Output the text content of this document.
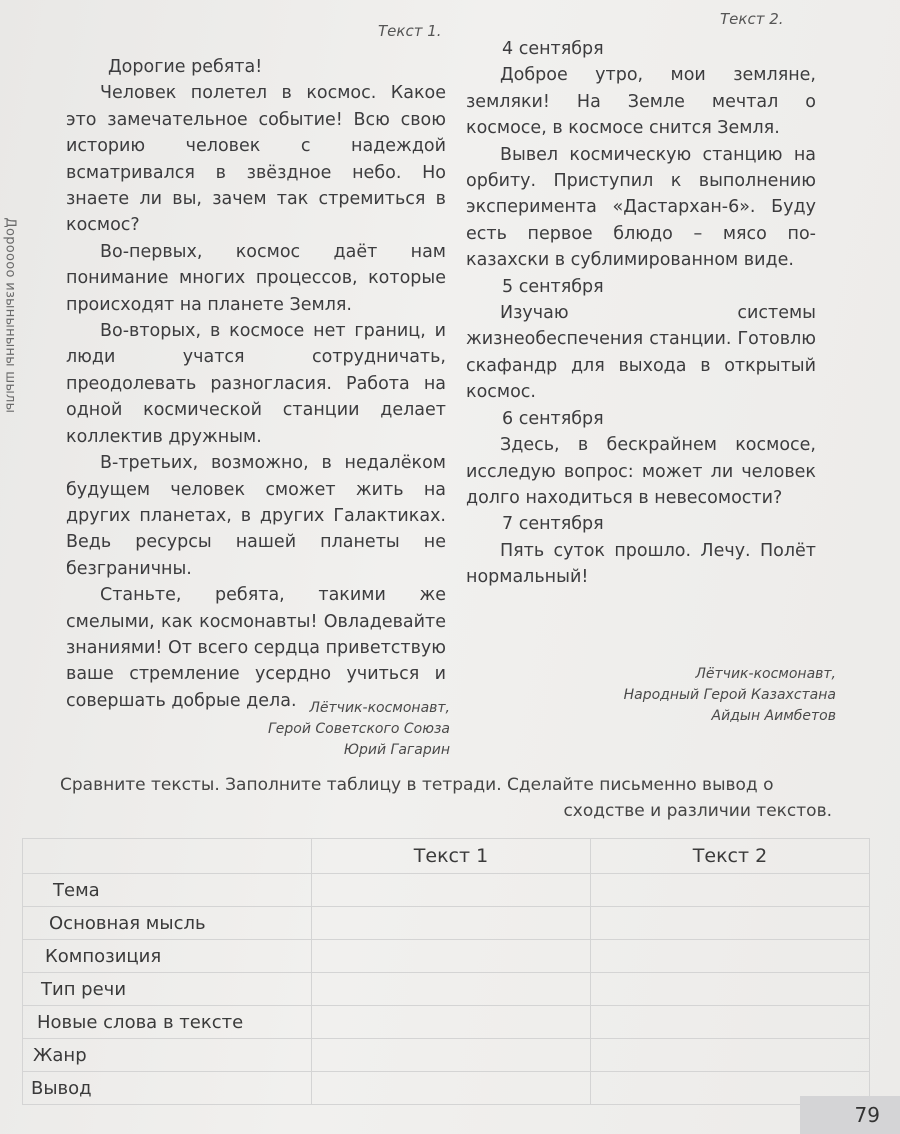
Дороооо изыныныны шылы
Текст 1.

Дорогие ребята!

Человек полетел в космос. Какое это замечательное событие! Всю свою историю человек с надеждой всматривался в звёздное небо. Но знаете ли вы, зачем так стремиться в космос?

Во-первых, космос даёт нам понимание многих процессов, которые происходят на планете Земля.

Во-вторых, в космосе нет границ, и люди учатся сотрудничать, преодолевать разногласия. Работа на одной космической станции делает коллектив дружным.

В-третьих, возможно, в недалёком будущем человек сможет жить на других планетах, в других Галактиках. Ведь ресурсы нашей планеты не безграничны.

Станьте, ребята, такими же смелыми, как космонавты! Овладевайте знаниями! От всего сердца приветствую ваше стремление усердно учиться и совершать добрые дела. Лётчик-космонавт,
Герой Советского Союза
Юрий Гагарин
Текст 2.

4 сентября

Доброе утро, мои земляне, земляки! На Земле мечтал о космосе, в космосе снится Земля.

Вывел космическую станцию на орбиту. Приступил к выполнению эксперимента «Дастархан-6». Буду есть первое блюдо – мясо по-казахски в сублимированном виде.

5 сентября

Изучаю системы жизнеобеспечения станции. Готовлю скафандр для выхода в открытый космос.

6 сентября

Здесь, в бескрайнем космосе, исследую вопрос: может ли человек долго находиться в невесомости?

7 сентября

Пять суток прошло. Лечу. Полёт нормальный!

Лётчик-космонавт,
Народный Герой Казахстана
Айдын Аимбетов
Сравните тексты. Заполните таблицу в тетради. Сделайте письменно вывод о
сходстве и различии текстов.
	Текст 1	Текст 2
Тема		
Основная мысль		
Композиция		
Тип речи		
Новые слова в тексте		
Жанр		
Вывод		
79
